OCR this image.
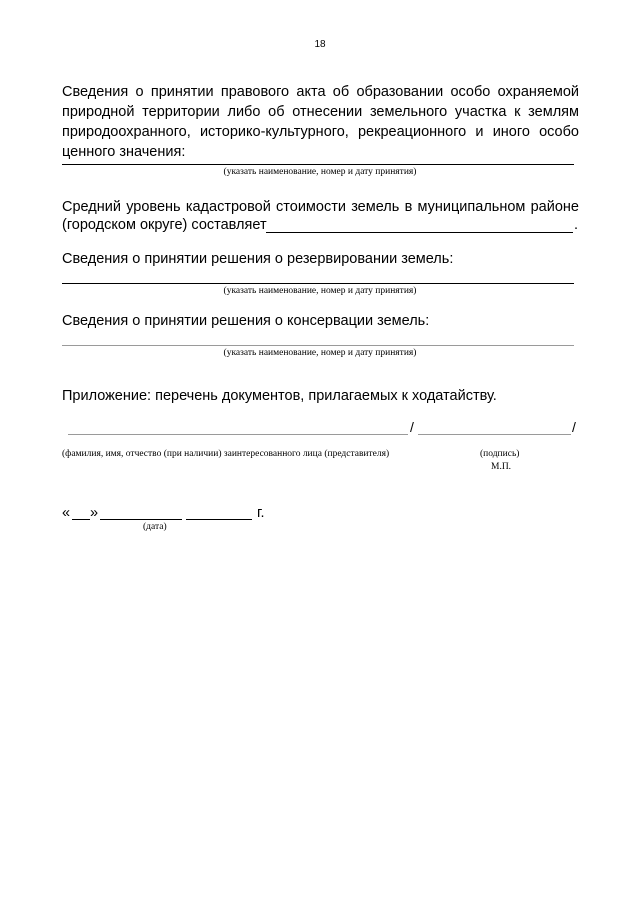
18
Сведения о принятии правового акта об образовании особо охраняемой
природной территории либо об отнесении земельного участка к землям
природоохранного, историко-культурного, рекреационного и иного особо
ценного значения:
(указать наименование, номер и дату принятия)
Средний уровень кадастровой стоимости земель в муниципальном районе
(городском округе) составляет	.
Сведения о принятии решения о резервировании земель:
(указать наименование, номер и дату принятия)
Сведения о принятии решения о консервации земель:
(указать наименование, номер и дату принятия)
Приложение: перечень документов, прилагаемых к ходатайству.
/	/
(фамилия, имя, отчество (при наличии) заинтересованного лица (представителя)	(подпись)
М.П.
« »	г.
(дата)
